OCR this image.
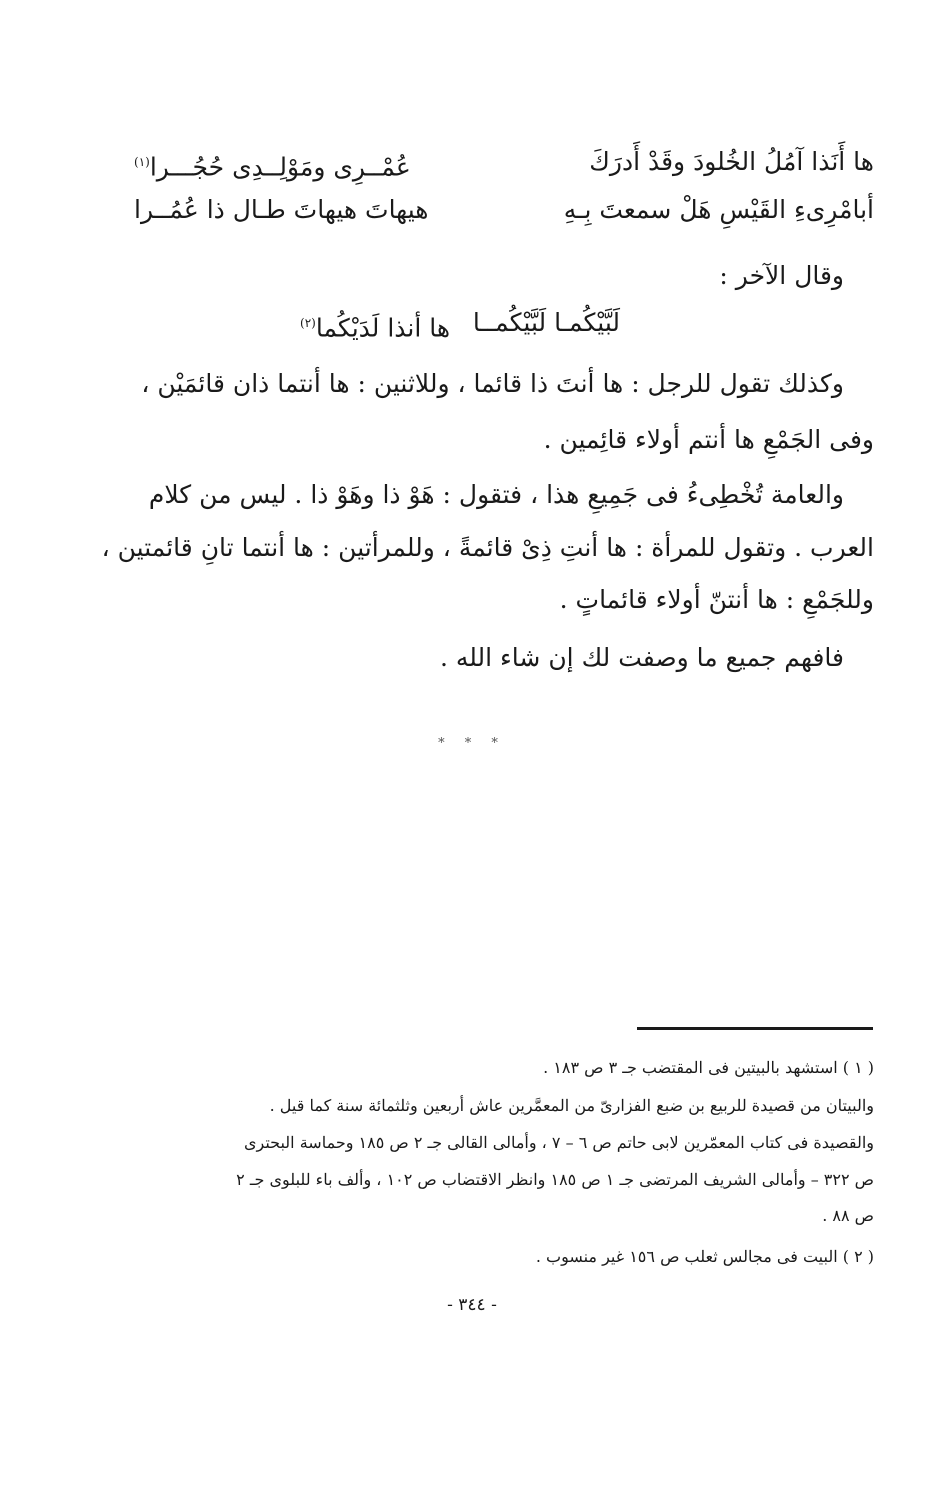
ها أَنَذا آمُلُ الخُلودَ وقَدْ أَدرَكَ
عُمْــرِى ومَوْلِــدِى حُجُـــرا$^{(١)}$
أبامْرِىءِ القَيْسِ هَلْ سمعتَ بِـهِ
هيهاتَ هيهاتَ طـال ذا عُمُــرا
وقال الآخر :
لَبَّيْكُمـا لَبَّيْكُمــا
ها أنذا لَدَيْكُما$^{(٢)}$
وكذلك تقول للرجل : ها أنتَ ذا قائما ، وللاثنين : ها أنتما ذان قائمَيْن ،
وفى الجَمْعِ ها أنتم أولاء قائِمين .
والعامة تُخْطِىءُ فى جَمِيعِ هذا ، فتقول : هَوْ ذا وهَوْ ذا . ليس من كلام
العرب . وتقول للمرأة : ها أنتِ ذِىْ قائمةً ، وللمرأتين : ها أنتما تانِ قائمتين ،
وللجَمْعِ : ها أنتنّ أولاء قائماتٍ .
فافهم جميع ما وصفت لك إن شاء الله .
* * *
( ١ ) استشهد بالبيتين فى المقتضب جـ ٣ ص ١٨٣ .
والبيتان من قصيدة للربيع بن ضبع الفزارىّ من المعمَّرين عاش أربعين وثلثمائة سنة كما قيل .
والقصيدة فى كتاب المعمّرين لابى حاتم ص ٦ – ٧ ، وأمالى القالى جـ ٢ ص ١٨٥ وحماسة البحترى
ص ٣٢٢ – وأمالى الشريف المرتضى جـ ١ ص ١٨٥ وانظر الاقتضاب ص ١٠٢ ، وألف باء للبلوى جـ ٢
ص ٨٨ .
( ٢ ) البيت فى مجالس ثعلب ص ١٥٦ غير منسوب .
- ٣٤٤ -
